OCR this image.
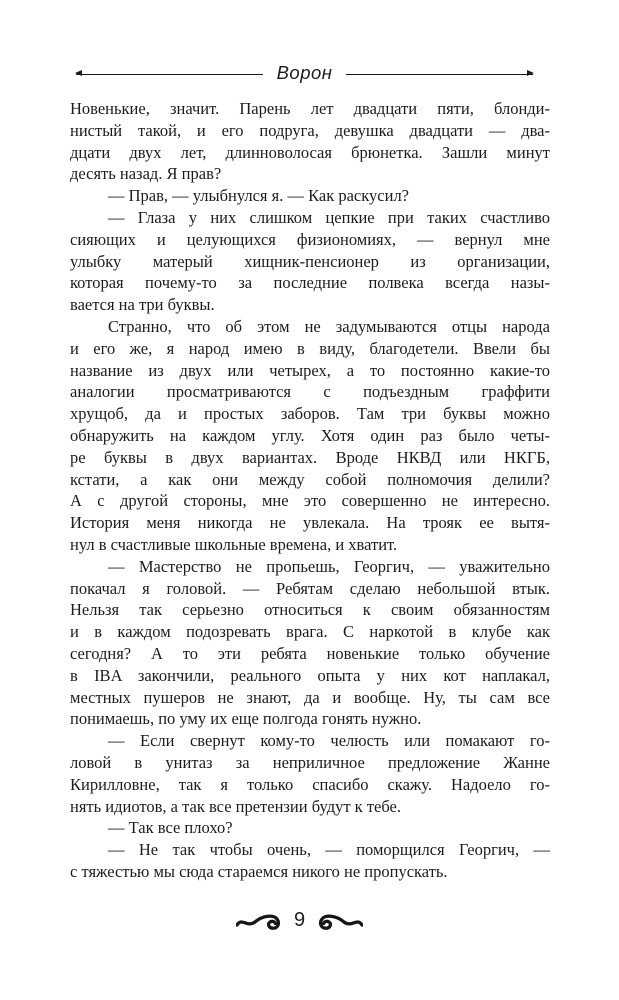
Ворон
Новенькие, значит. Парень лет двадцати пяти, блонди-
нистый такой, и его подруга, девушка двадцати — два-
дцати двух лет, длинноволосая брюнетка. Зашли минут
десять назад. Я прав?
— Прав, — улыбнулся я. — Как раскусил?
— Глаза у них слишком цепкие при таких счастливо
сияющих и целующихся физиономиях, — вернул мне
улыбку матерый хищник-пенсионер из организации,
которая почему-то за последние полвека всегда назы-
вается на три буквы.
Странно, что об этом не задумываются отцы народа
и его же, я народ имею в виду, благодетели. Ввели бы
название из двух или четырех, а то постоянно какие-то
аналогии просматриваются с подъездным граффити
хрущоб, да и простых заборов. Там три буквы можно
обнаружить на каждом углу. Хотя один раз было четы-
ре буквы в двух вариантах. Вроде НКВД или НКГБ,
кстати, а как они между собой полномочия делили?
А с другой стороны, мне это совершенно не интересно.
История меня никогда не увлекала. На трояк ее вытя-
нул в счастливые школьные времена, и хватит.
— Мастерство не пропьешь, Георгич, — уважительно
покачал я головой. — Ребятам сделаю небольшой втык.
Нельзя так серьезно относиться к своим обязанностям
и в каждом подозревать врага. С наркотой в клубе как
сегодня? А то эти ребята новенькие только обучение
в IBA закончили, реального опыта у них кот наплакал,
местных пушеров не знают, да и вообще. Ну, ты сам все
понимаешь, по уму их еще полгода гонять нужно.
— Если свернут кому-то челюсть или помакают го-
ловой в унитаз за неприличное предложение Жанне
Кирилловне, так я только спасибо скажу. Надоело го-
нять идиотов, а так все претензии будут к тебе.
— Так все плохо?
— Не так чтобы очень, — поморщился Георгич, —
с тяжестью мы сюда стараемся никого не пропускать.
9
